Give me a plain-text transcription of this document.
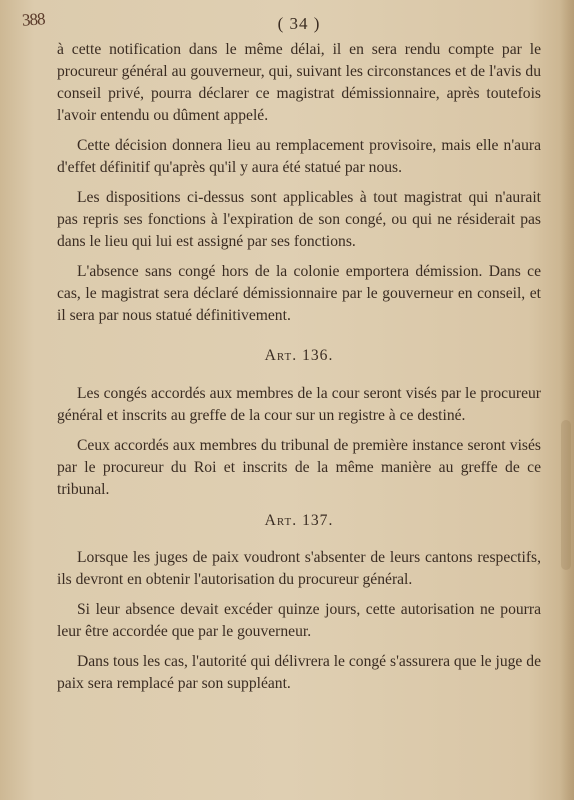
388	( 34 )

à cette notification dans le même délai, il en sera rendu compte par le procureur général au gouverneur, qui, suivant les circonstances et de l'avis du conseil privé, pourra déclarer ce magistrat démissionnaire, après toutefois l'avoir entendu ou dûment appelé.

Cette décision donnera lieu au remplacement provisoire, mais elle n'aura d'effet définitif qu'après qu'il y aura été statué par nous.

Les dispositions ci-dessus sont applicables à tout magistrat qui n'aurait pas repris ses fonctions à l'expiration de son congé, ou qui ne résiderait pas dans le lieu qui lui est assigné par ses fonctions.

L'absence sans congé hors de la colonie emportera démission. Dans ce cas, le magistrat sera déclaré démissionnaire par le gouverneur en conseil, et il sera par nous statué définitivement.

Art. 136.

Les congés accordés aux membres de la cour seront visés par le procureur général et inscrits au greffe de la cour sur un registre à ce destiné.

Ceux accordés aux membres du tribunal de première instance seront visés par le procureur du Roi et inscrits de la même manière au greffe de ce tribunal.

Art. 137.

Lorsque les juges de paix voudront s'absenter de leurs cantons respectifs, ils devront en obtenir l'autorisation du procureur général.

Si leur absence devait excéder quinze jours, cette autorisation ne pourra leur être accordée que par le gouverneur.

Dans tous les cas, l'autorité qui délivrera le congé s'assurera que le juge de paix sera remplacé par son suppléant.
